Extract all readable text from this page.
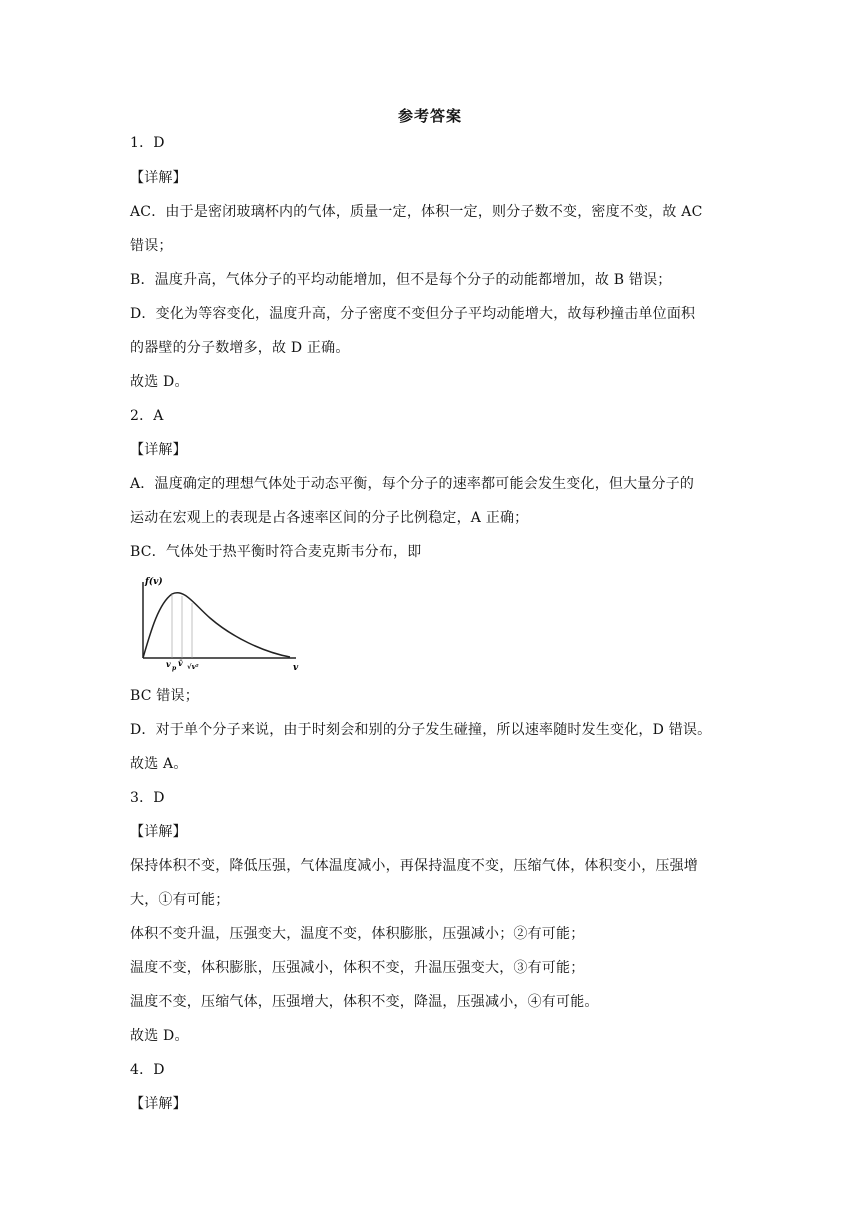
参考答案
1．D
【详解】
AC．由于是密闭玻璃杯内的气体，质量一定，体积一定，则分子数不变，密度不变，故 AC
错误；
B．温度升高，气体分子的平均动能增加，但不是每个分子的动能都增加，故 B 错误；
D．变化为等容变化，温度升高，分子密度不变但分子平均动能增大，故每秒撞击单位面积
的器壁的分子数增多，故 D 正确。
故选 D。
2．A
【详解】
A．温度确定的理想气体处于动态平衡，每个分子的速率都可能会发生变化，但大量分子的
运动在宏观上的表现是占各速率区间的分子比例稳定，A 正确；
BC．气体处于热平衡时符合麦克斯韦分布，即
f(v)
v
v p
v̄ √v²
BC 错误；
D．对于单个分子来说，由于时刻会和别的分子发生碰撞，所以速率随时发生变化，D 错误。
故选 A。
3．D
【详解】
保持体积不变，降低压强，气体温度减小，再保持温度不变，压缩气体，体积变小，压强增
大，①有可能；
体积不变升温，压强变大，温度不变，体积膨胀，压强减小；②有可能；
温度不变，体积膨胀，压强减小，体积不变，升温压强变大，③有可能；
温度不变，压缩气体，压强增大，体积不变，降温，压强减小，④有可能。
故选 D。
4．D
【详解】
